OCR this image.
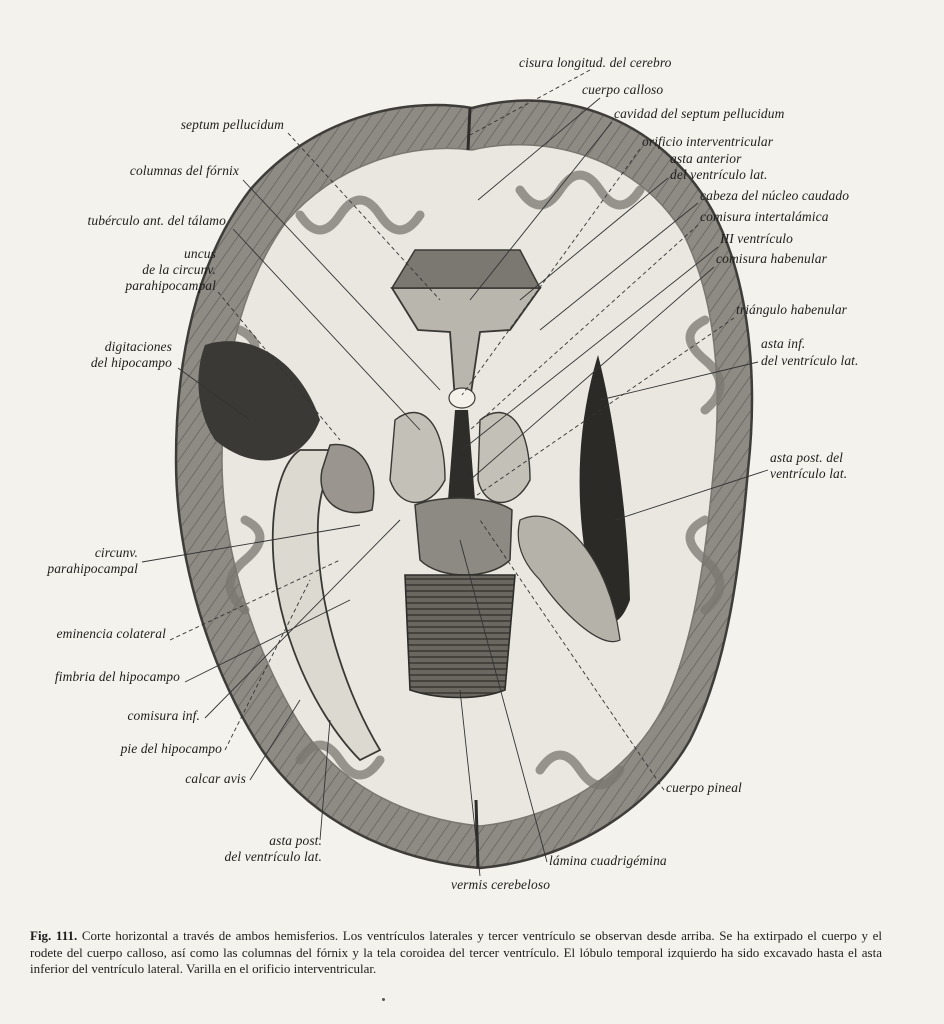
cisura longitud. del cerebro
cuerpo calloso
cavidad del septum pellucidum
orificio interventricular
asta anterior
del ventrículo lat.
cabeza del núcleo caudado
comisura intertalámica
III ventrículo
comisura habenular
triángulo habenular
asta inf.
del ventrículo lat.
asta post. del
ventrículo lat.
cuerpo pineal
lámina cuadrigémina
vermis cerebeloso
septum pellucidum
columnas del fórnix
tubérculo ant. del tálamo
uncus
de la circunv.
parahipocampal
digitaciones
del hipocampo
circunv.
parahipocampal
eminencia colateral
fimbria del hipocampo
comisura inf.
pie del hipocampo
calcar avis
asta post.
del ventrículo lat.
Fig. 111. Corte horizontal a través de ambos hemisferios. Los ventrículos laterales y tercer ventrículo se observan desde arriba. Se ha extirpado el cuerpo y el rodete del cuerpo calloso, así como las columnas del fórnix y la tela coroidea del tercer ventrículo. El lóbulo temporal izquierdo ha sido excavado hasta el asta inferior del ventrículo lateral. Varilla en el orificio interventricular.
